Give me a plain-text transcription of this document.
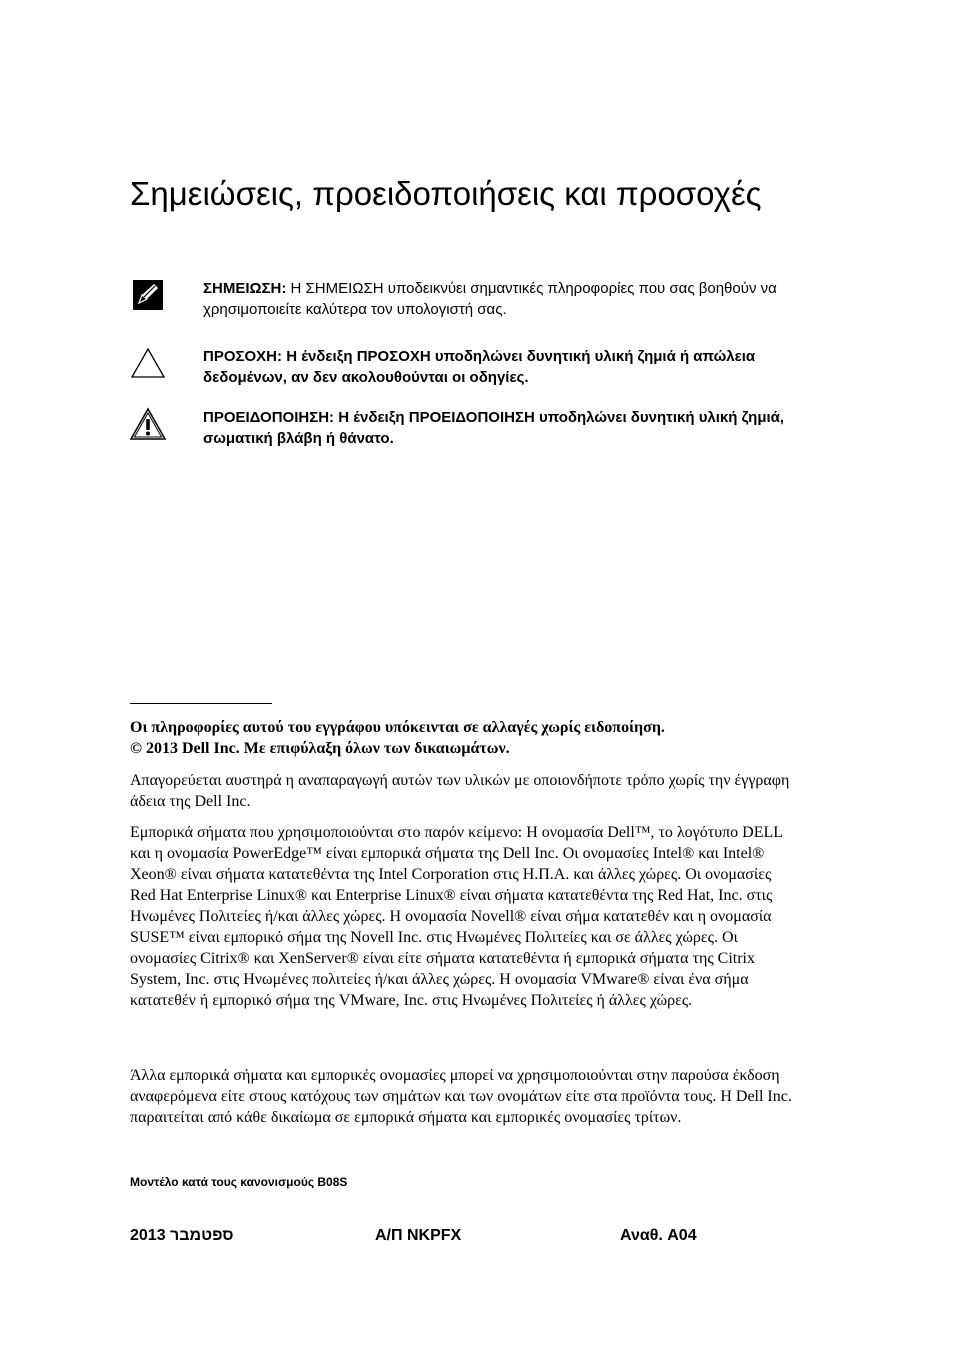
Σημειώσεις, προειδοποιήσεις και προσοχές
ΣΗΜΕΙΩΣΗ: Η ΣΗΜΕΙΩΣΗ υποδεικνύει σημαντικές πληροφορίες που σας βοηθούν να χρησιμοποιείτε καλύτερα τον υπολογιστή σας.
ΠΡΟΣΟΧΗ: Η ένδειξη ΠΡΟΣΟΧΗ υποδηλώνει δυνητική υλική ζημιά ή απώλεια δεδομένων, αν δεν ακολουθούνται οι οδηγίες.
ΠΡΟΕΙΔΟΠΟΙΗΣΗ: Η ένδειξη ΠΡΟΕΙΔΟΠΟΙΗΣΗ υποδηλώνει δυνητική υλική ζημιά, σωματική βλάβη ή θάνατο.

Οι πληροφορίες αυτού του εγγράφου υπόκεινται σε αλλαγές χωρίς ειδοποίηση.

© 2013 Dell Inc. Με επιφύλαξη όλων των δικαιωμάτων.

Απαγορεύεται αυστηρά η αναπαραγωγή αυτών των υλικών με οποιονδήποτε τρόπο χωρίς την έγγραφη άδεια της Dell Inc.

Εμπορικά σήματα που χρησιμοποιούνται στο παρόν κείμενο: Η ονομασία Dell™, το λογότυπο DELL και η ονομασία PowerEdge™ είναι εμπορικά σήματα της Dell Inc. Οι ονομασίες Intel® και Intel® Xeon® είναι σήματα κατατεθέντα της Intel Corporation στις Η.Π.Α. και άλλες χώρες. Οι ονομασίες Red Hat Enterprise Linux® και Enterprise Linux® είναι σήματα κατατεθέντα της Red Hat, Inc. στις Ηνωμένες Πολιτείες ή/και άλλες χώρες. Η ονομασία Novell® είναι σήμα κατατεθέν και η ονομασία SUSE™ είναι εμπορικό σήμα της Novell Inc. στις Ηνωμένες Πολιτείες και σε άλλες χώρες. Οι ονομασίες Citrix® και XenServer® είναι είτε σήματα κατατεθέντα ή εμπορικά σήματα της Citrix System, Inc. στις Ηνωμένες πολιτείες ή/και άλλες χώρες. Η ονομασία VMware® είναι ένα σήμα κατατεθέν ή εμπορικό σήμα της VMware, Inc. στις Ηνωμένες Πολιτείες ή άλλες χώρες.

Άλλα εμπορικά σήματα και εμπορικές ονομασίες μπορεί να χρησιμοποιούνται στην παρούσα έκδοση αναφερόμενα είτε στους κατόχους των σημάτων και των ονομάτων είτε στα προϊόντα τους. Η Dell Inc. παραιτείται από κάθε δικαίωμα σε εμπορικά σήματα και εμπορικές ονομασίες τρίτων.

Μοντέλο κατά τους κανονισμούς B08S
ספטמבר 2013	Α/Π NKPFX	Αναθ. A04
